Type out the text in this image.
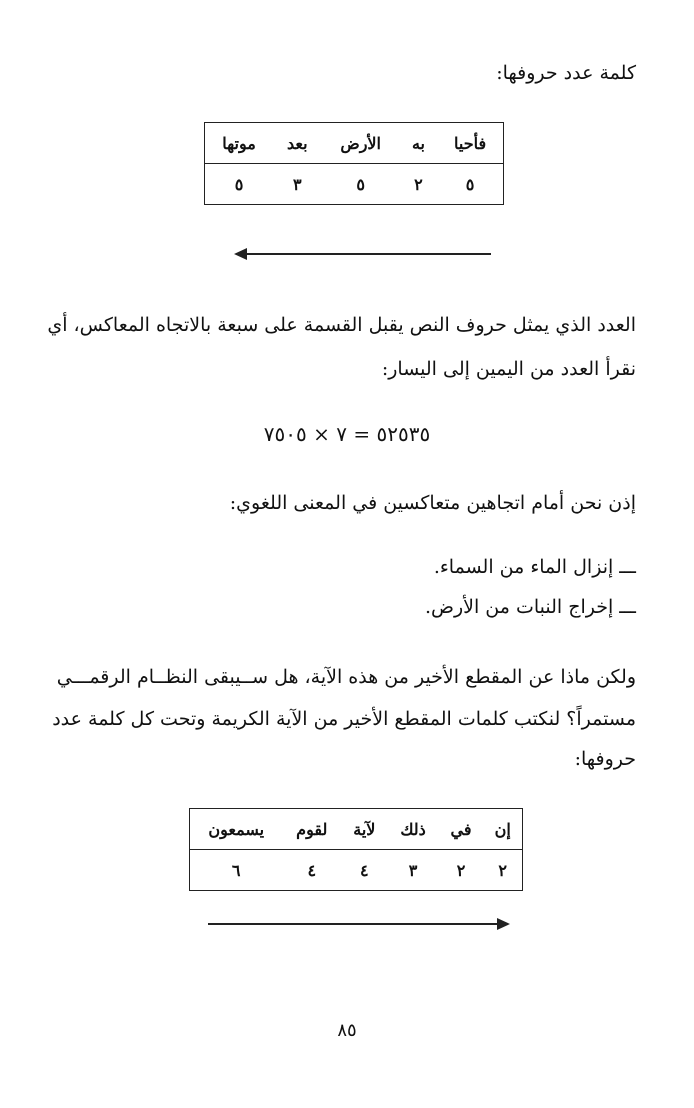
كلمة عدد حروفها:
فأحيا	به	الأرض	بعد	موتها
٥	٢	٥	٣	٥
العدد الذي يمثل حروف النص يقبل القسمة على سبعة بالاتجاه المعاكس، أي
نقرأ العدد من اليمين إلى اليسار:
٥٢٥٣٥ = ٧ × ٧٥٠٥
إذن نحن أمام اتجاهين متعاكسين في المعنى اللغوي:
ـــ إنزال الماء من السماء.
ـــ إخراج النبات من الأرض.
ولكن ماذا عن المقطع الأخير من هذه الآية، هل ســيبقى النظــام الرقمـــي
مستمراً؟ لنكتب كلمات المقطع الأخير من الآية الكريمة وتحت كل كلمة عدد
حروفها:
إن	في	ذلك	لآية	لقوم	يسمعون
٢	٢	٣	٤	٤	٦
٨٥
